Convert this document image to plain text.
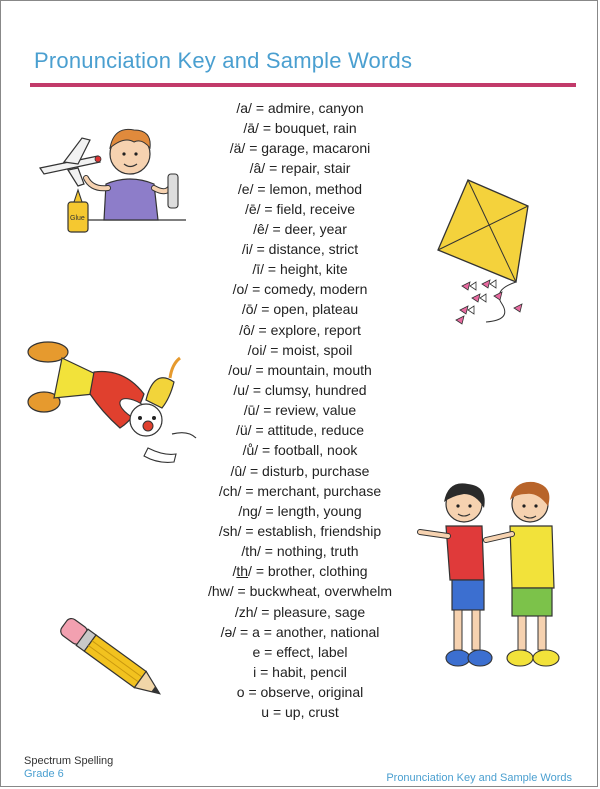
Pronunciation Key and Sample Words
/a/ = admire, canyon
/ā/ = bouquet, rain
/ä/ = garage, macaroni
/â/ = repair, stair
/e/ = lemon, method
/ē/ = field, receive
/ê/ = deer, year
/i/ = distance, strict
/ī/ = height, kite
/o/ = comedy, modern
/ō/ = open, plateau
/ô/ = explore, report
/oi/ = moist, spoil
/ou/ = mountain, mouth
/u/ = clumsy, hundred
/ū/ = review, value
/ü/ = attitude, reduce
/ů/ = football, nook
/û/ = disturb, purchase
/ch/ = merchant, purchase
/ng/ = length, young
/sh/ = establish, friendship
/th/ = nothing, truth
/th/ = brother, clothing
/hw/ = buckwheat, overwhelm
/zh/ = pleasure, sage
/ə/ = a = another, national
e = effect, label
i = habit, pencil
o = observe, original
u = up, crust
Glue
Spectrum Spelling
Grade 6	Pronunciation Key and Sample Words
